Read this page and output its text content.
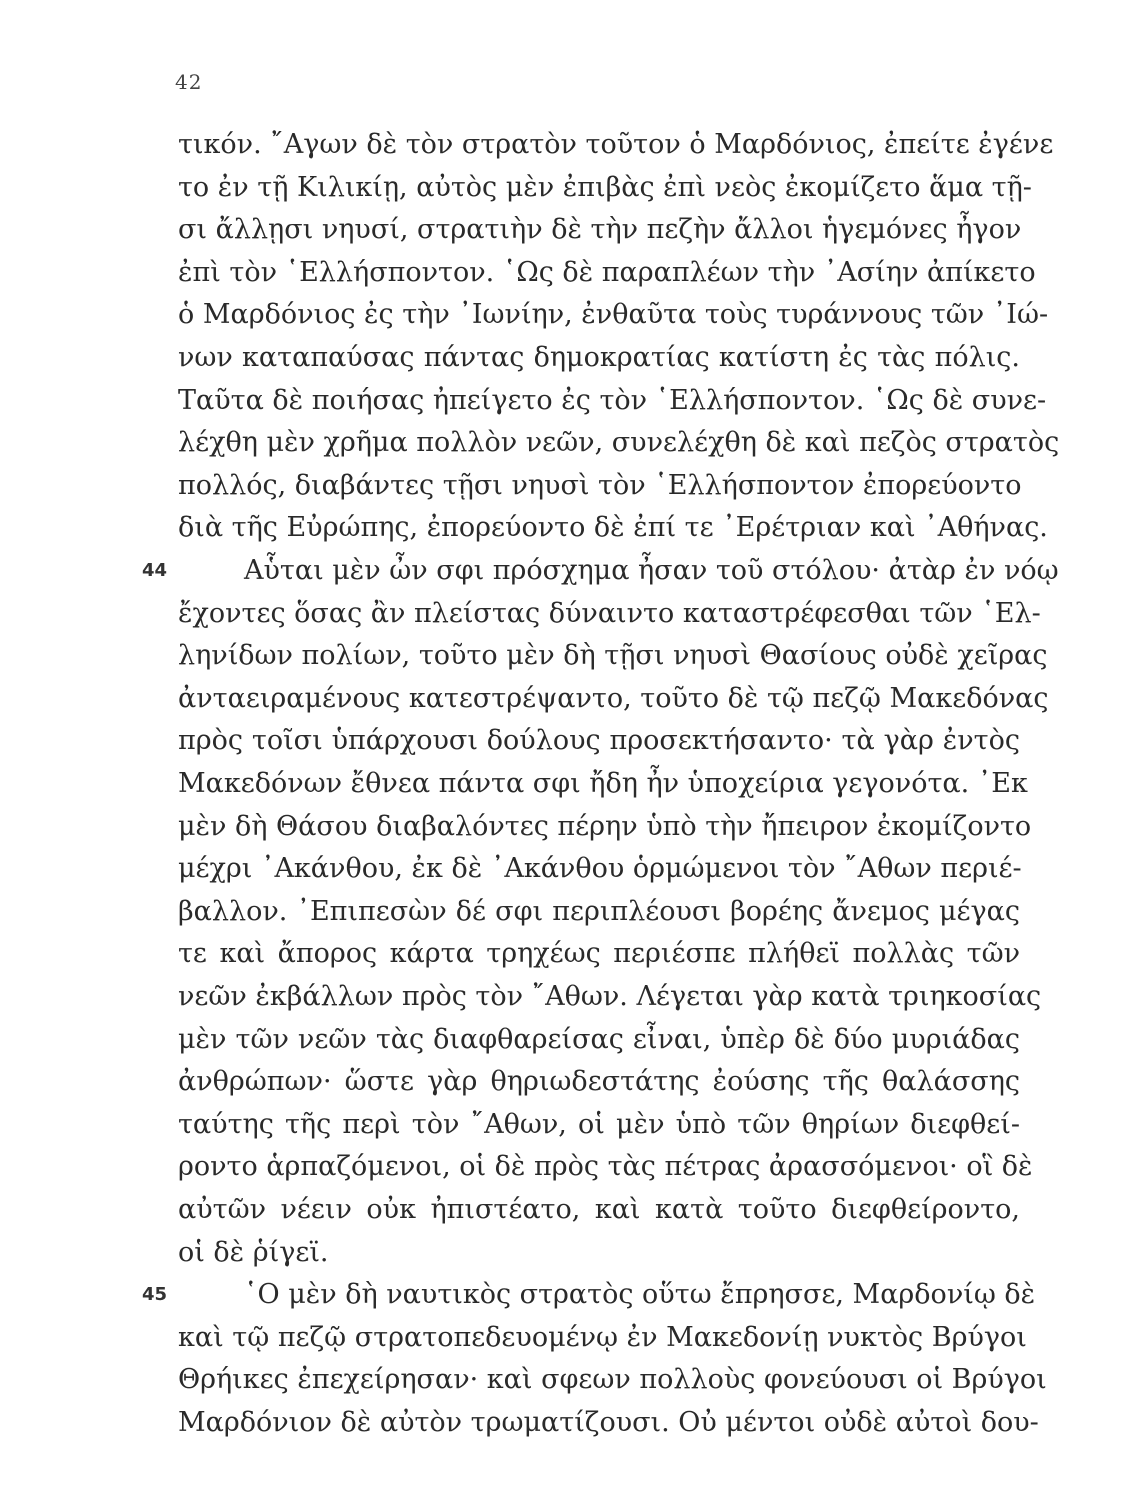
42
τικόν. ῎Αγων δὲ τὸν στρατὸν τοῦτον ὁ Μαρδόνιος, ἐπείτε ἐγένε
το ἐν τῇ Κιλικίῃ, αὐτὸς μὲν ἐπιβὰς ἐπὶ νεὸς ἐκομίζετο ἅμα τῇ-
σι ἄλλῃσι νηυσί, στρατιὴν δὲ τὴν πεζὴν ἄλλοι ἡγεμόνες ἦγον
ἐπὶ τὸν ῾Ελλήσποντον. ῾Ως δὲ παραπλέων τὴν ᾿Ασίην ἀπίκετο
ὁ Μαρδόνιος ἐς τὴν ᾿Ιωνίην, ἐνθαῦτα τοὺς τυράννους τῶν ᾿Ιώ-
νων καταπαύσας πάντας δημοκρατίας κατίστη ἐς τὰς πόλις.
Ταῦτα δὲ ποιήσας ἠπείγετο ἐς τὸν ῾Ελλήσποντον. ῾Ως δὲ συνε-
λέχθη μὲν χρῆμα πολλὸν νεῶν, συνελέχθη δὲ καὶ πεζὸς στρατὸς
πολλός, διαβάντες τῇσι νηυσὶ τὸν ῾Ελλήσποντον ἐπορεύοντο
διὰ τῆς Εὐρώπης, ἐπορεύοντο δὲ ἐπί τε ᾿Ερέτριαν καὶ ᾿Αθήνας.
44	Αὗται μὲν ὦν σφι πρόσχημα ἦσαν τοῦ στόλου· ἀτὰρ ἐν νόῳ
ἔχοντες ὅσας ἂν πλείστας δύναιντο καταστρέφεσθαι τῶν ῾Ελ-
ληνίδων πολίων, τοῦτο μὲν δὴ τῇσι νηυσὶ Θασίους οὐδὲ χεῖρας
ἀνταειραμένους κατεστρέψαντο, τοῦτο δὲ τῷ πεζῷ Μακεδόνας
πρὸς τοῖσι ὑπάρχουσι δούλους προσεκτήσαντο· τὰ γὰρ ἐντὸς
Μακεδόνων ἔθνεα πάντα σφι ἤδη ἦν ὑποχείρια γεγονότα. ᾿Εκ
μὲν δὴ Θάσου διαβαλόντες πέρην ὑπὸ τὴν ἤπειρον ἐκομίζοντο
μέχρι ᾿Ακάνθου, ἐκ δὲ ᾿Ακάνθου ὁρμώμενοι τὸν ῎Αθων περιέ-
βαλλον. ᾿Επιπεσὼν δέ σφι περιπλέουσι βορέης ἄνεμος μέγας
τε καὶ ἄπορος κάρτα τρηχέως περιέσπε πλήθεϊ πολλὰς τῶν
νεῶν ἐκβάλλων πρὸς τὸν ῎Αθων. Λέγεται γὰρ κατὰ τριηκοσίας
μὲν τῶν νεῶν τὰς διαφθαρείσας εἶναι, ὑπὲρ δὲ δύο μυριάδας
ἀνθρώπων· ὥστε γὰρ θηριωδεστάτης ἐούσης τῆς θαλάσσης
ταύτης τῆς περὶ τὸν ῎Αθων, οἱ μὲν ὑπὸ τῶν θηρίων διεφθεί-
ροντο ἁρπαζόμενοι, οἱ δὲ πρὸς τὰς πέτρας ἀρασσόμενοι· οἳ δὲ
αὐτῶν νέειν οὐκ ἠπιστέατο, καὶ κατὰ τοῦτο διεφθείροντο,
οἱ δὲ ῥίγεϊ.
45	῾Ο μὲν δὴ ναυτικὸς στρατὸς οὕτω ἔπρησσε, Μαρδονίῳ δὲ
καὶ τῷ πεζῷ στρατοπεδευομένῳ ἐν Μακεδονίῃ νυκτὸς Βρύγοι
Θρήικες ἐπεχείρησαν· καὶ σφεων πολλοὺς φονεύουσι οἱ Βρύγοι
Μαρδόνιον δὲ αὐτὸν τρωματίζουσι. Οὐ μέντοι οὐδὲ αὐτοὶ δου-
